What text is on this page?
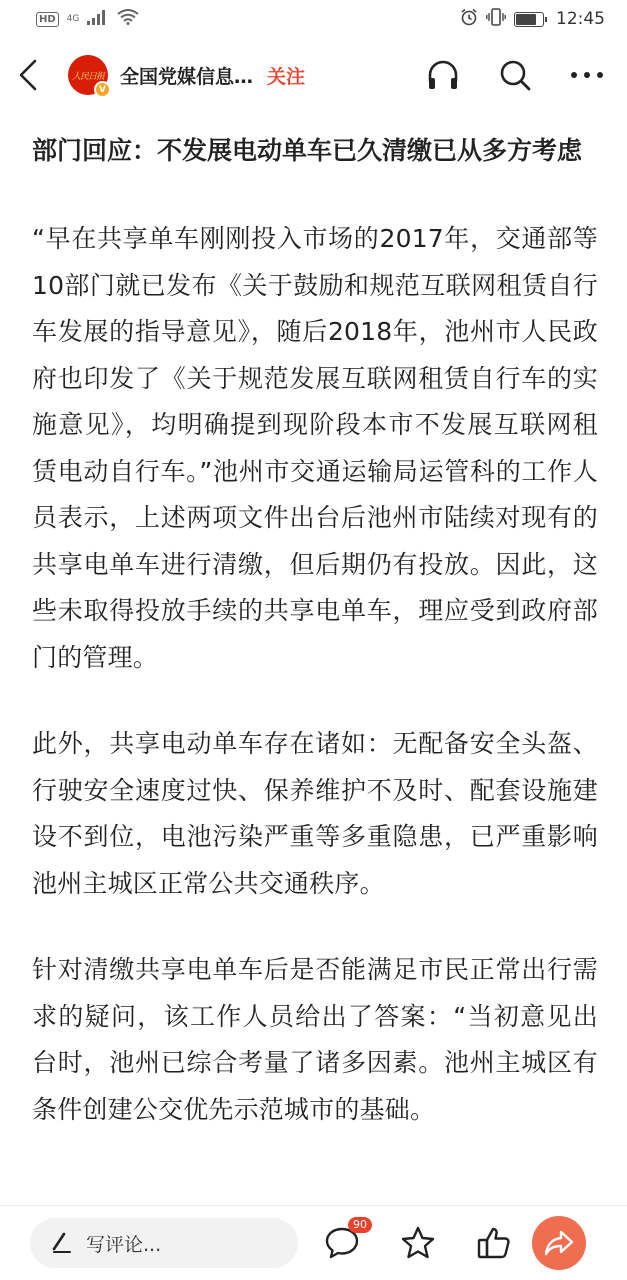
HD	4G	12:45
人民日报
V
全国党媒信息… 关注
部门回应：不发展电动单车已久清缴已从多方考虑

“早在共享单车刚刚投入市场的2017年，交通部等10部门就已发布《关于鼓励和规范互联网租赁自行车发展的指导意见》，随后2018年，池州市人民政府也印发了《关于规范发展互联网租赁自行车的实施意见》，均明确提到现阶段本市不发展互联网租赁电动自行车。”池州市交通运输局运管科的工作人员表示，上述两项文件出台后池州市陆续对现有的共享电单车进行清缴，但后期仍有投放。因此，这些未取得投放手续的共享电单车，理应受到政府部门的管理。

此外，共享电动单车存在诸如：无配备安全头盔、行驶安全速度过快、保养维护不及时、配套设施建设不到位，电池污染严重等多重隐患，已严重影响池州主城区正常公共交通秩序。

针对清缴共享电单车后是否能满足市民正常出行需求的疑问，该工作人员给出了答案：“当初意见出台时，池州已综合考量了诸多因素。池州主城区有条件创建公交优先示范城市的基础。

写评论...
90
